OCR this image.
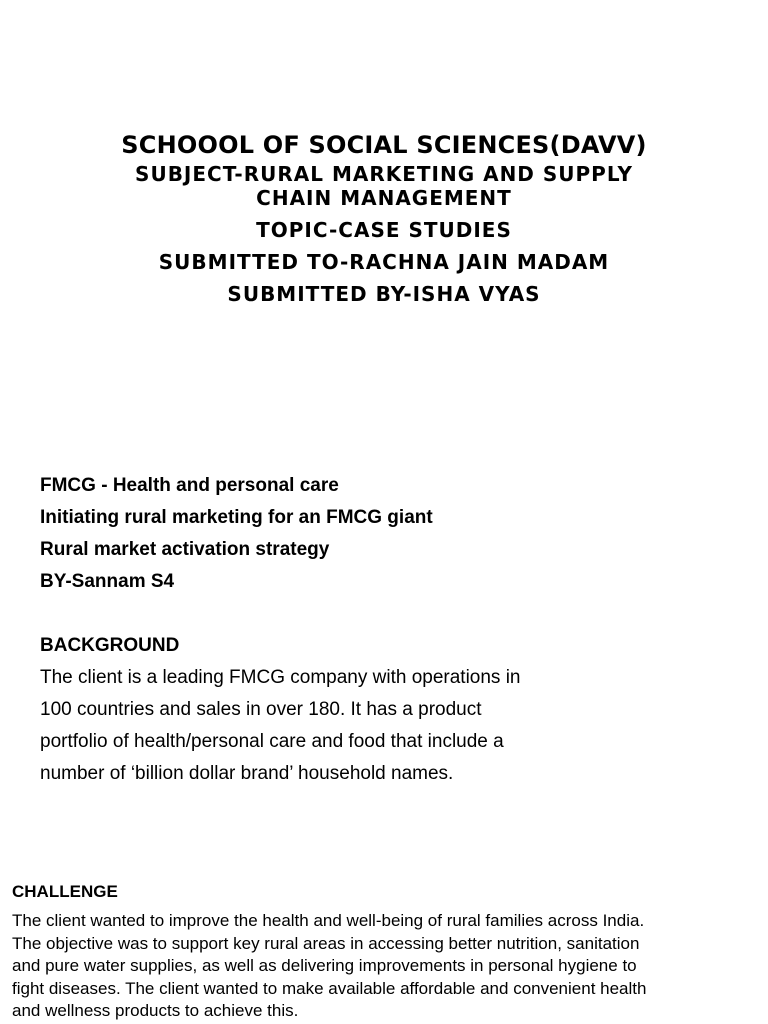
SCHOOOL OF SOCIAL SCIENCES(DAVV)
SUBJECT-RURAL MARKETING AND SUPPLY
CHAIN MANAGEMENT
TOPIC-CASE STUDIES
SUBMITTED TO-RACHNA JAIN MADAM
SUBMITTED BY-ISHA VYAS
FMCG - Health and personal care
Initiating rural marketing for an FMCG giant
Rural market activation strategy
BY-Sannam S4
BACKGROUND
The client is a leading FMCG company with operations in
100 countries and sales in over 180. It has a product
portfolio of health/personal care and food that include a
number of ‘billion dollar brand’ household names.
CHALLENGE
The client wanted to improve the health and well-being of rural families across India.
The objective was to support key rural areas in accessing better nutrition, sanitation
and pure water supplies, as well as delivering improvements in personal hygiene to
fight diseases. The client wanted to make available affordable and convenient health
and wellness products to achieve this.
